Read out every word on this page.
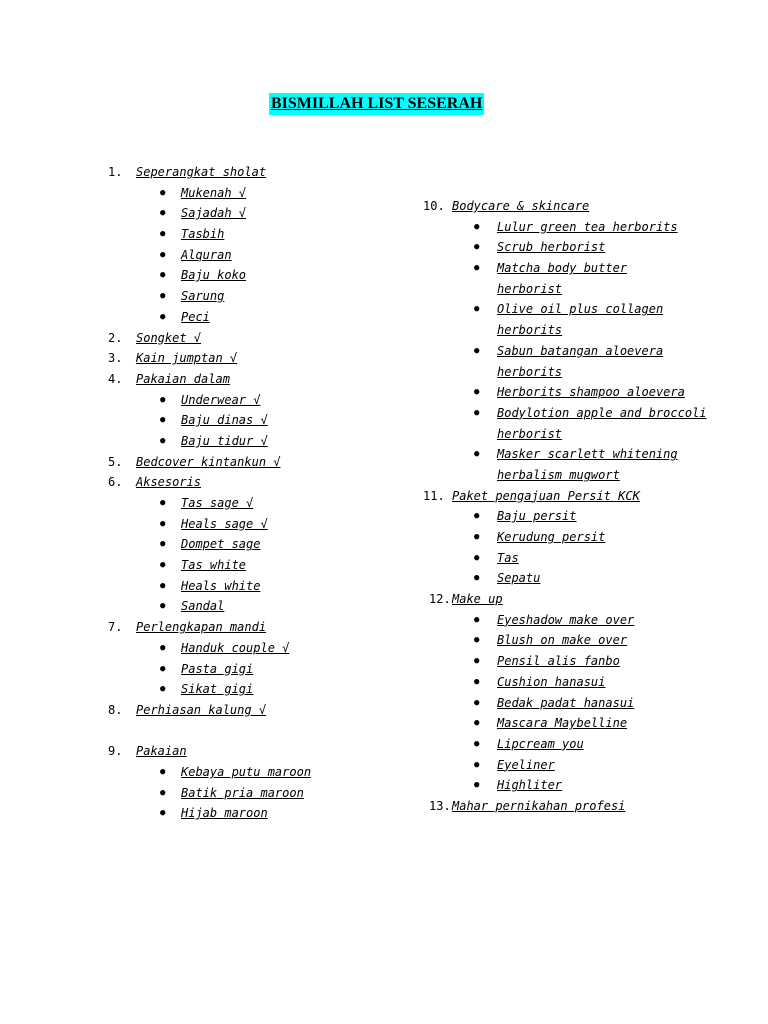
BISMILLAH LIST SESERAH
1. Seperangkat sholat
● Mukenah √
● Sajadah √
● Tasbih
● Alquran
● Baju koko
● Sarung
● Peci
2. Songket √
3. Kain jumptan √
4. Pakaian dalam
● Underwear √
● Baju dinas √
● Baju tidur √
5. Bedcover kintankun √
6. Aksesoris
● Tas sage √
● Heals sage √
● Dompet sage
● Tas white
● Heals white
● Sandal
7. Perlengkapan mandi
● Handuk couple √
● Pasta gigi
● Sikat gigi
8. Perhiasan kalung √
9. Pakaian
● Kebaya putu maroon
● Batik pria maroon
● Hijab maroon
10. Bodycare & skincare
● Lulur green tea herborits
● Scrub herborist
● Matcha body butter
herborist
● Olive oil plus collagen
herborits
● Sabun batangan aloevera
herborits
● Herborits shampoo aloevera
● Bodylotion apple and broccoli
herborist
● Masker scarlett whitening
herbalism mugwort
11. Paket pengajuan Persit KCK
● Baju persit
● Kerudung persit
● Tas
● Sepatu
12. Make up
● Eyeshadow make over
● Blush on make over
● Pensil alis fanbo
● Cushion hanasui
● Bedak padat hanasui
● Mascara Maybelline
● Lipcream you
● Eyeliner
● Highliter
13. Mahar pernikahan profesi
